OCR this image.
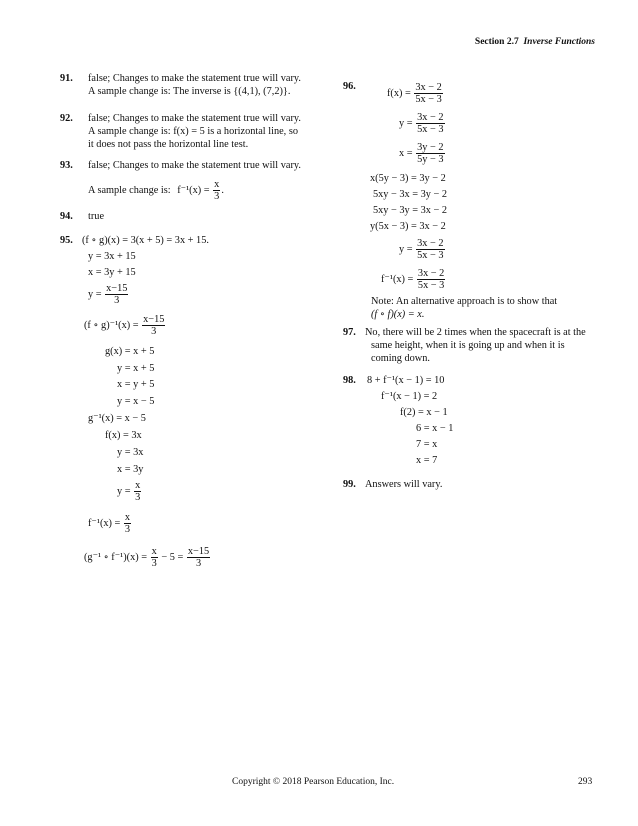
Section 2.7 Inverse Functions
91. false; Changes to make the statement true will vary.
A sample change is: The inverse is {(4,1), (7,2)}.
92. false; Changes to make the statement true will vary.
A sample change is: f(x) = 5 is a horizontal line, so
it does not pass the horizontal line test.
93. false; Changes to make the statement true will vary.
A sample change is: $f^{-1}(x) = \frac{x}{3}$ .
94. true
95. (f ∘ g)(x) = 3(x + 5) = 3x + 15.
y = 3x + 15
x = 3y + 15
$y = \frac{x-15}{3}$
(f ∘ $g)^{-1}(x) = \frac{x-15}{3}$
g(x) = x + 5
y = x + 5
x = y + 5
y = x − 5
g⁻¹(x) = x − 5
f(x) = 3x
y = 3x
x = 3y
$y = \frac{x}{3}$
$f^{-1}(x) = \frac{x}{3}$
(g⁻¹ ∘ $f^{-1})(x) = \frac{x}{3} - 5 = \frac{x-15}{3}$
96.
$f(x) = \frac{3x - 2}{5x - 3}$
$y = \frac{3x - 2}{5x - 3}$
$x = \frac{3y - 2}{5y - 3}$
x(5y − 3) = 3y − 2
5xy − 3x = 3y − 2
5xy − 3y = 3x − 2
y(5x − 3) = 3x − 2
$y = \frac{3x - 2}{5x - 3}$
$f^{-1}(x) = \frac{3x - 2}{5x - 3}$
Note: An alternative approach is to show that
(f ∘ f)(x) = x.
97. No, there will be 2 times when the spacecraft is at the
same height, when it is going up and when it is
coming down.
98. 8 + f⁻¹(x − 1) = 10
f⁻¹(x − 1) = 2
f(2) = x − 1
6 = x − 1
7 = x
x = 7
99. Answers will vary.
Copyright © 2018 Pearson Education, Inc.	293
